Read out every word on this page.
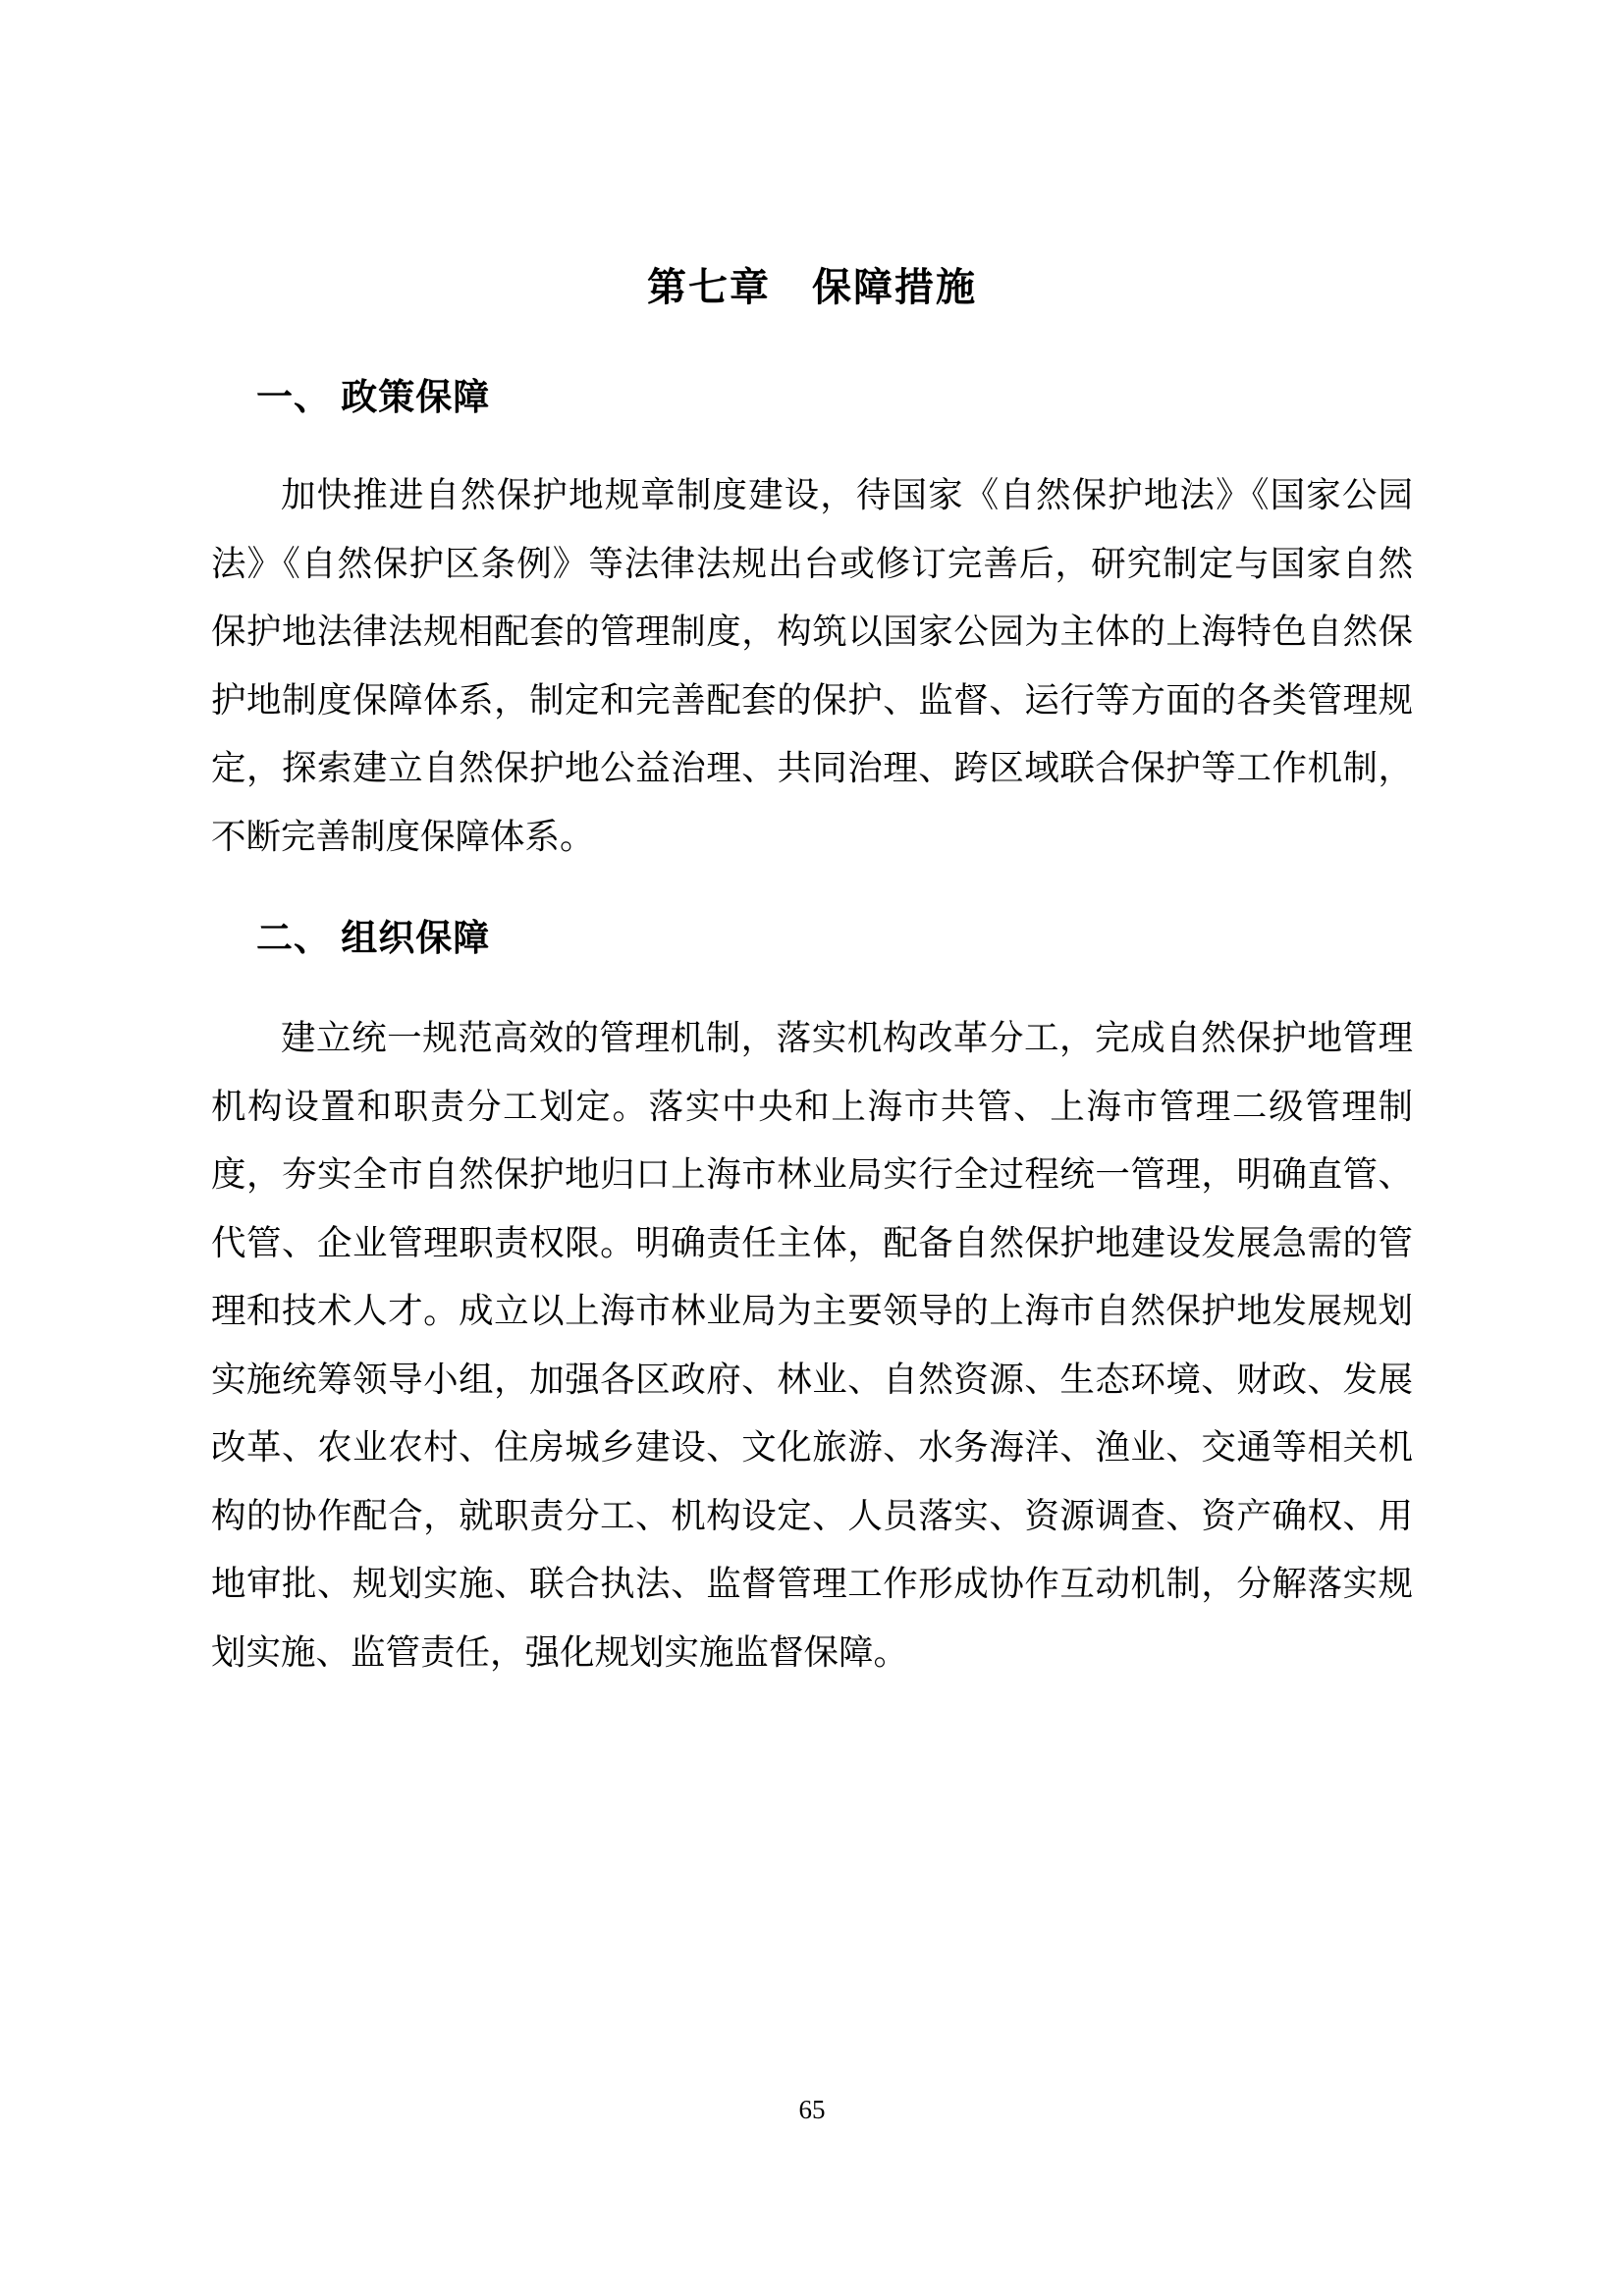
第七章　保障措施
一、 政策保障

加快推进自然保护地规章制度建设，待国家《自然保护地法》《国家公园法》《自然保护区条例》等法律法规出台或修订完善后，研究制定与国家自然保护地法律法规相配套的管理制度，构筑以国家公园为主体的上海特色自然保护地制度保障体系，制定和完善配套的保护、监督、运行等方面的各类管理规定，探索建立自然保护地公益治理、共同治理、跨区域联合保护等工作机制，不断完善制度保障体系。

二、 组织保障

建立统一规范高效的管理机制，落实机构改革分工，完成自然保护地管理机构设置和职责分工划定。落实中央和上海市共管、上海市管理二级管理制度，夯实全市自然保护地归口上海市林业局实行全过程统一管理，明确直管、代管、企业管理职责权限。明确责任主体，配备自然保护地建设发展急需的管理和技术人才。成立以上海市林业局为主要领导的上海市自然保护地发展规划实施统筹领导小组，加强各区政府、林业、自然资源、生态环境、财政、发展改革、农业农村、住房城乡建设、文化旅游、水务海洋、渔业、交通等相关机构的协作配合，就职责分工、机构设定、人员落实、资源调查、资产确权、用地审批、规划实施、联合执法、监督管理工作形成协作互动机制，分解落实规划实施、监管责任，强化规划实施监督保障。

65
